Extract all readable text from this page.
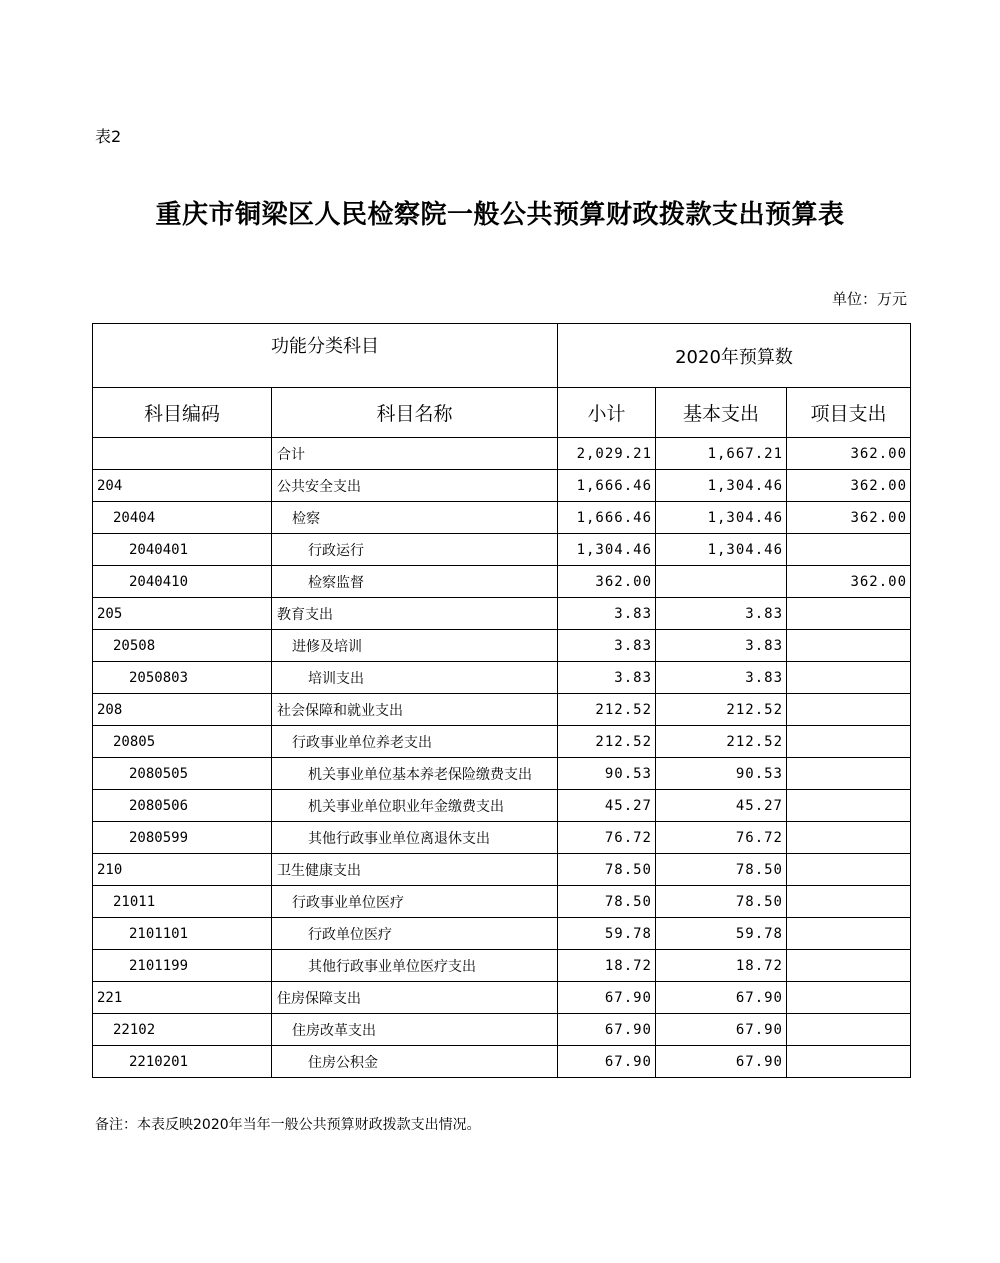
表2
重庆市铜梁区人民检察院一般公共预算财政拨款支出预算表
单位：万元
功能分类科目		2020年预算数		
科目编码	科目名称	小计	基本支出	项目支出
	合计	2,029.21	1,667.21	362.00
204	公共安全支出	1,666.46	1,304.46	362.00
20404	检察	1,666.46	1,304.46	362.00
2040401	行政运行	1,304.46	1,304.46	
2040410	检察监督	362.00		362.00
205	教育支出	3.83	3.83	
20508	进修及培训	3.83	3.83	
2050803	培训支出	3.83	3.83	
208	社会保障和就业支出	212.52	212.52	
20805	行政事业单位养老支出	212.52	212.52	
2080505	机关事业单位基本养老保险缴费支出	90.53	90.53	
2080506	机关事业单位职业年金缴费支出	45.27	45.27	
2080599	其他行政事业单位离退休支出	76.72	76.72	
210	卫生健康支出	78.50	78.50	
21011	行政事业单位医疗	78.50	78.50	
2101101	行政单位医疗	59.78	59.78	
2101199	其他行政事业单位医疗支出	18.72	18.72	
221	住房保障支出	67.90	67.90	
22102	住房改革支出	67.90	67.90	
2210201	住房公积金	67.90	67.90	
备注：本表反映2020年当年一般公共预算财政拨款支出情况。
